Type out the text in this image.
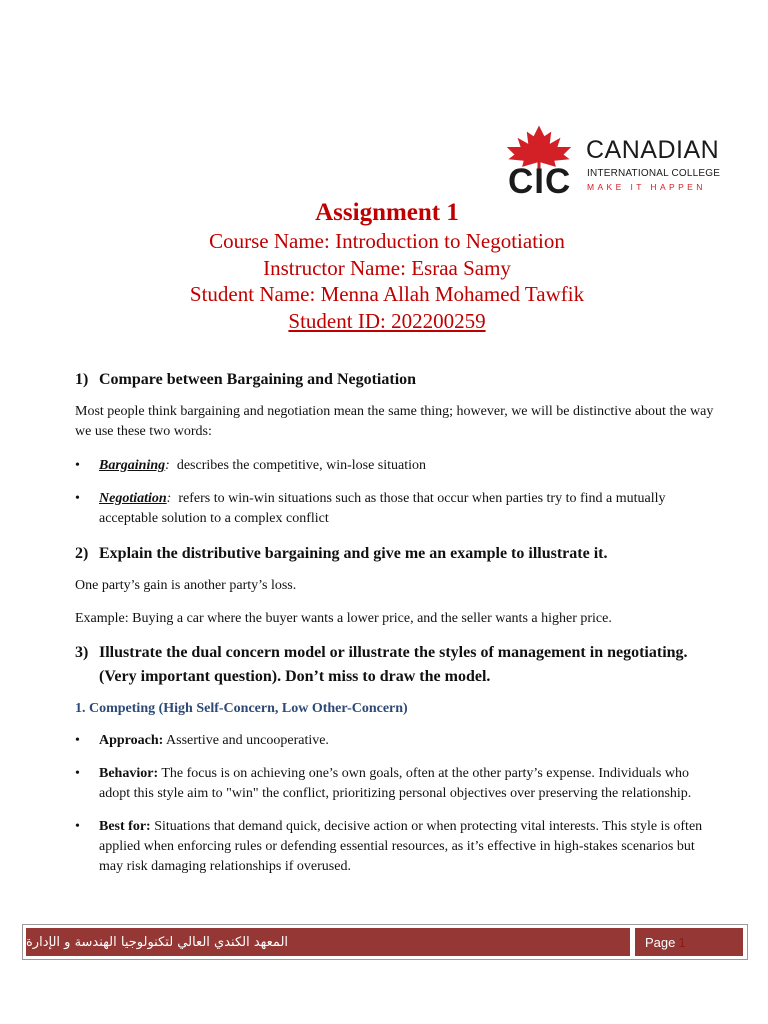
CIC
CANADIAN
INTERNATIONAL COLLEGE
MAKE IT HAPPEN
Assignment 1
Course Name: Introduction to Negotiation
Instructor Name: Esraa Samy
Student Name: Menna Allah Mohamed Tawfik
Student ID: 202200259
1) Compare between Bargaining and Negotiation

Most people think bargaining and negotiation mean the same thing; however, we will be distinctive about the way we use these two words:

•	Bargaining: describes the competitive, win-lose situation
•	Negotiation: refers to win-win situations such as those that occur when parties try to find a mutually acceptable solution to a complex conflict
2) Explain the distributive bargaining and give me an example to illustrate it.

One party’s gain is another party’s loss.

Example: Buying a car where the buyer wants a lower price, and the seller wants a higher price.

3) Illustrate the dual concern model or illustrate the styles of management in negotiating. (Very important question). Don’t miss to draw the model.

1. Competing (High Self-Concern, Low Other-Concern)

•	Approach: Assertive and uncooperative.
•	Behavior: The focus is on achieving one’s own goals, often at the other party’s expense. Individuals who adopt this style aim to "win" the conflict, prioritizing personal objectives over preserving the relationship.
•	Best for: Situations that demand quick, decisive action or when protecting vital interests. This style is often applied when enforcing rules or defending essential resources, as it’s effective in high-stakes scenarios but may risk damaging relationships if overused.
المعهد الكندي العالي لتكنولوجيا الهندسة و الإدارة	Page 1
